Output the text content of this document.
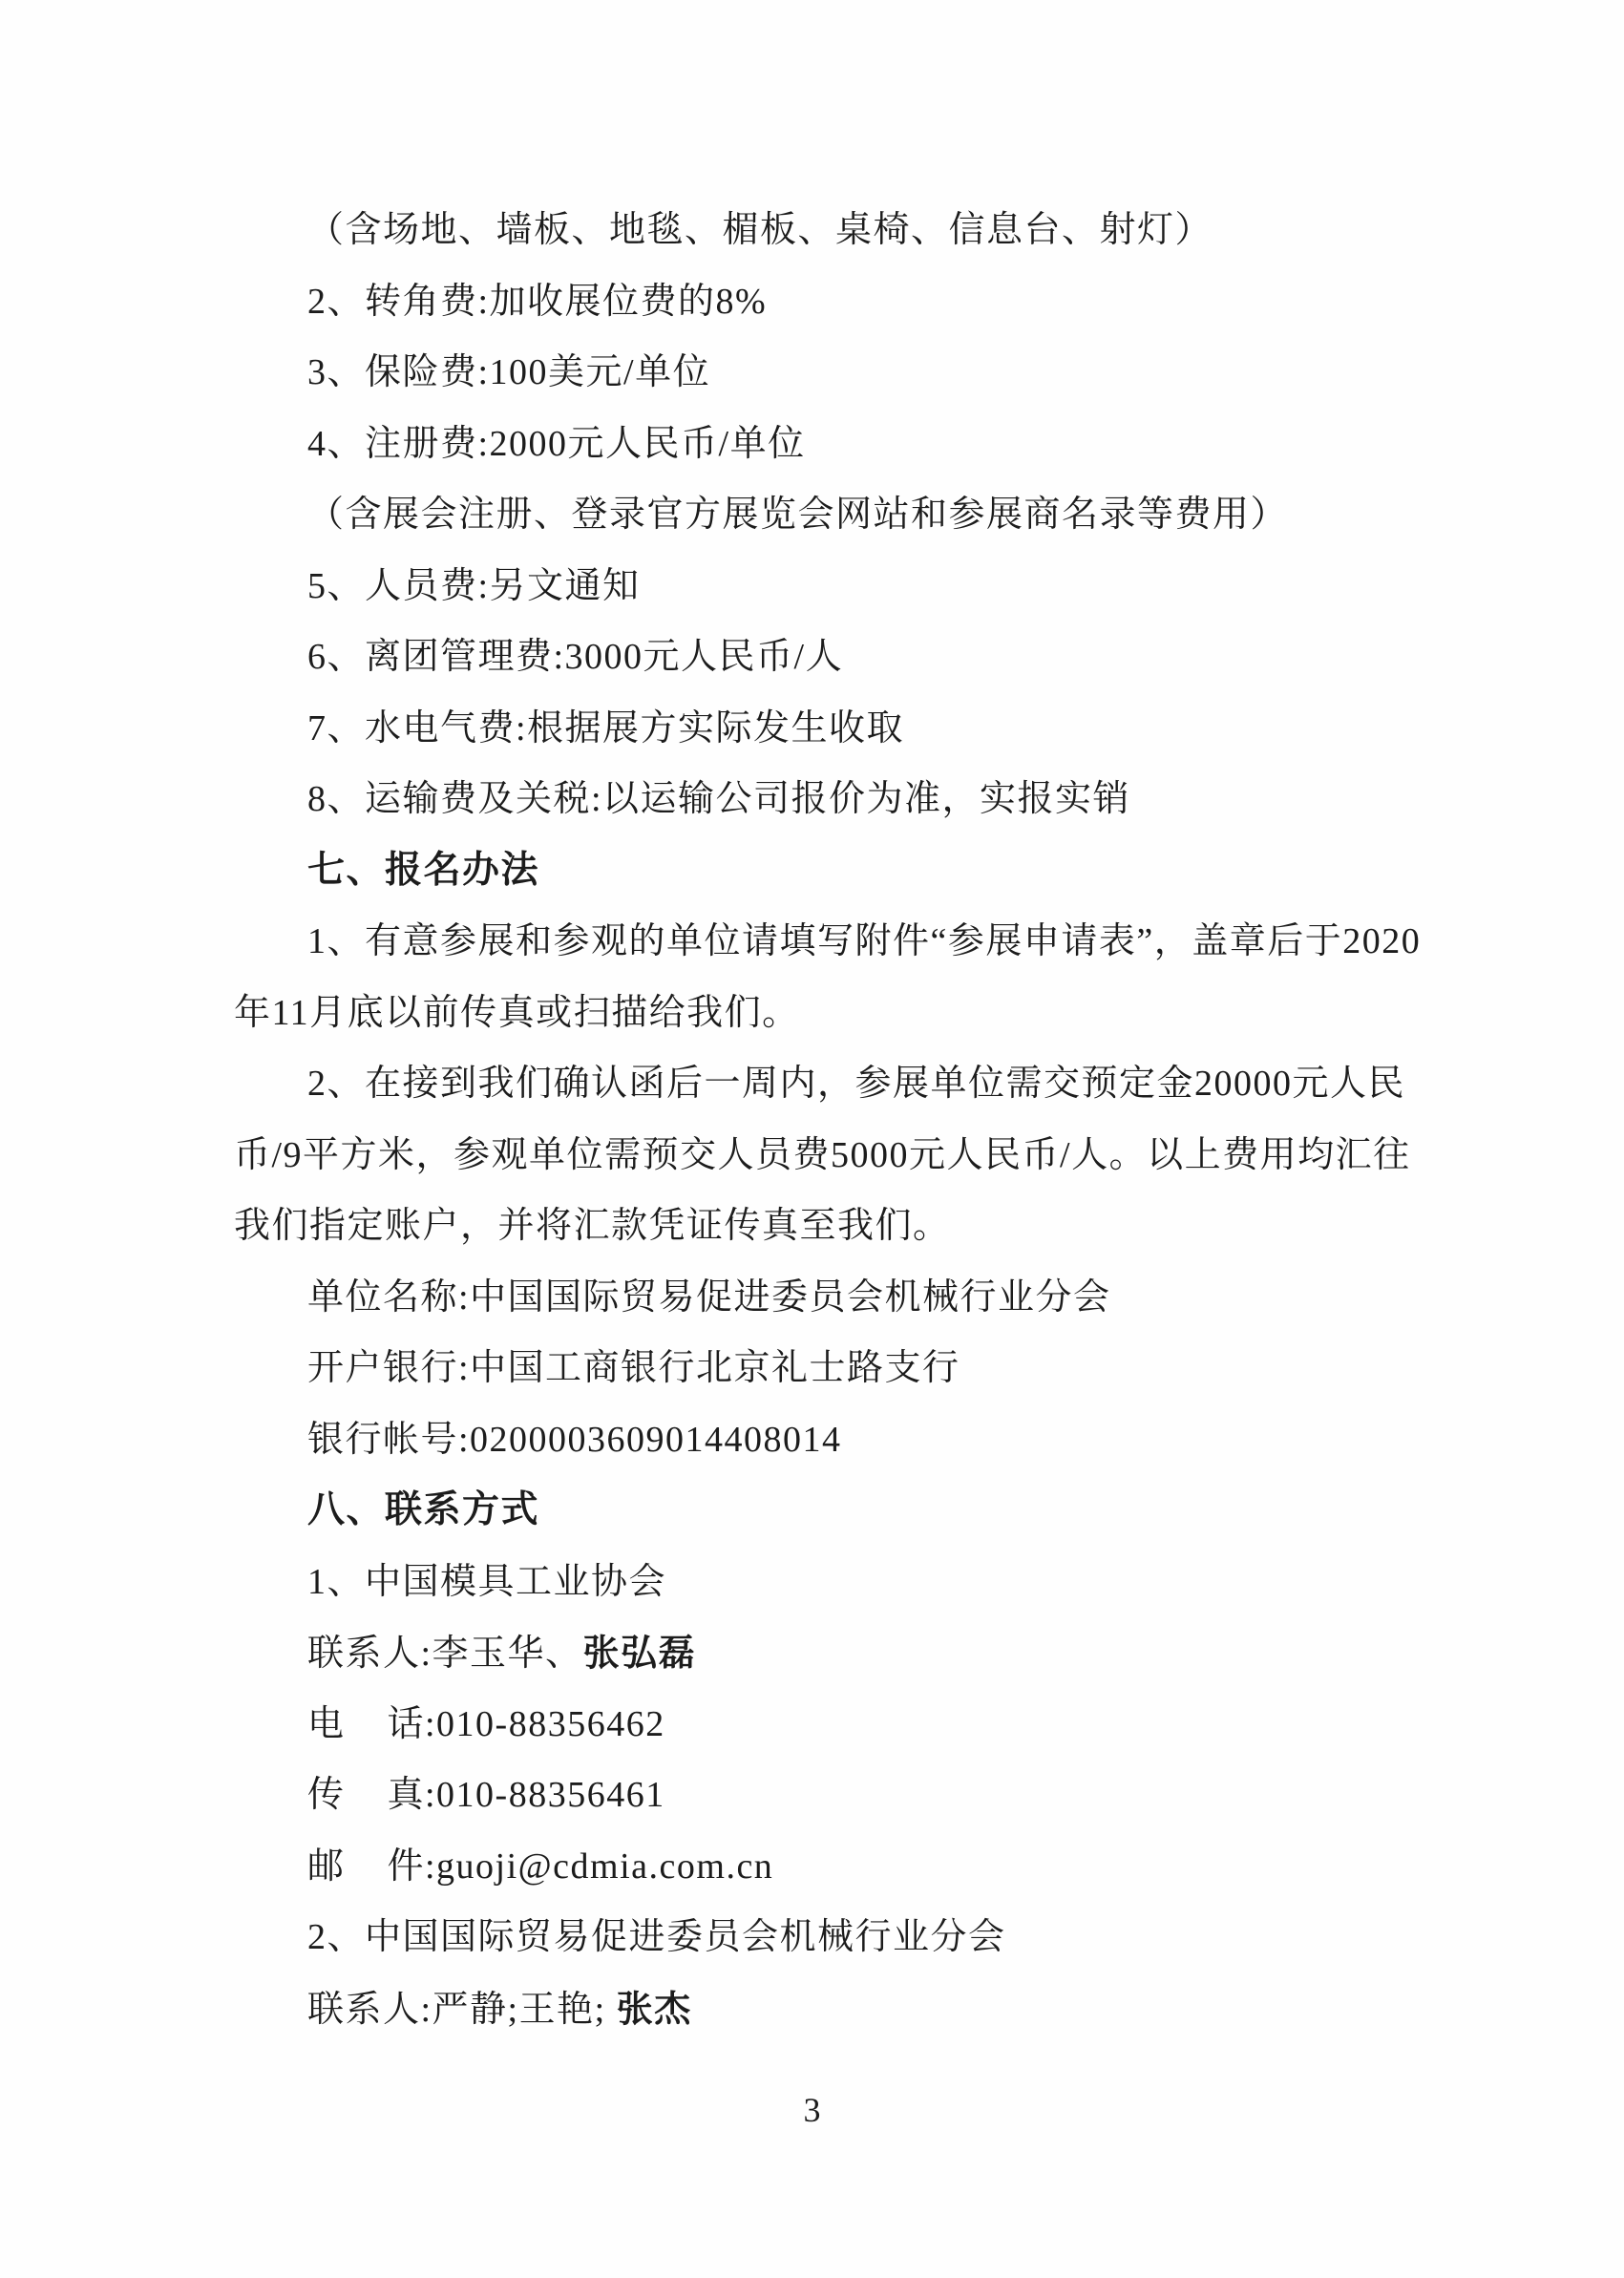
（含场地、墙板、地毯、楣板、桌椅、信息台、射灯）
2、转角费:加收展位费的8%
3、保险费:100美元/单位
4、注册费:2000元人民币/单位
（含展会注册、登录官方展览会网站和参展商名录等费用）
5、人员费:另文通知
6、离团管理费:3000元人民币/人
7、水电气费:根据展方实际发生收取
8、运输费及关税:以运输公司报价为准，实报实销
七、报名办法
1、有意参展和参观的单位请填写附件“参展申请表”，盖章后于2020
年11月底以前传真或扫描给我们。
2、在接到我们确认函后一周内，参展单位需交预定金20000元人民
币/9平方米，参观单位需预交人员费5000元人民币/人。以上费用均汇往
我们指定账户，并将汇款凭证传真至我们。
单位名称:中国国际贸易促进委员会机械行业分会
开户银行:中国工商银行北京礼士路支行
银行帐号:0200003609014408014
八、联系方式
1、中国模具工业协会
联系人:李玉华、张弘磊
电    话:010-88356462
传    真:010-88356461
邮    件:guoji@cdmia.com.cn
2、中国国际贸易促进委员会机械行业分会
联系人:严静;王艳; 张杰
3
